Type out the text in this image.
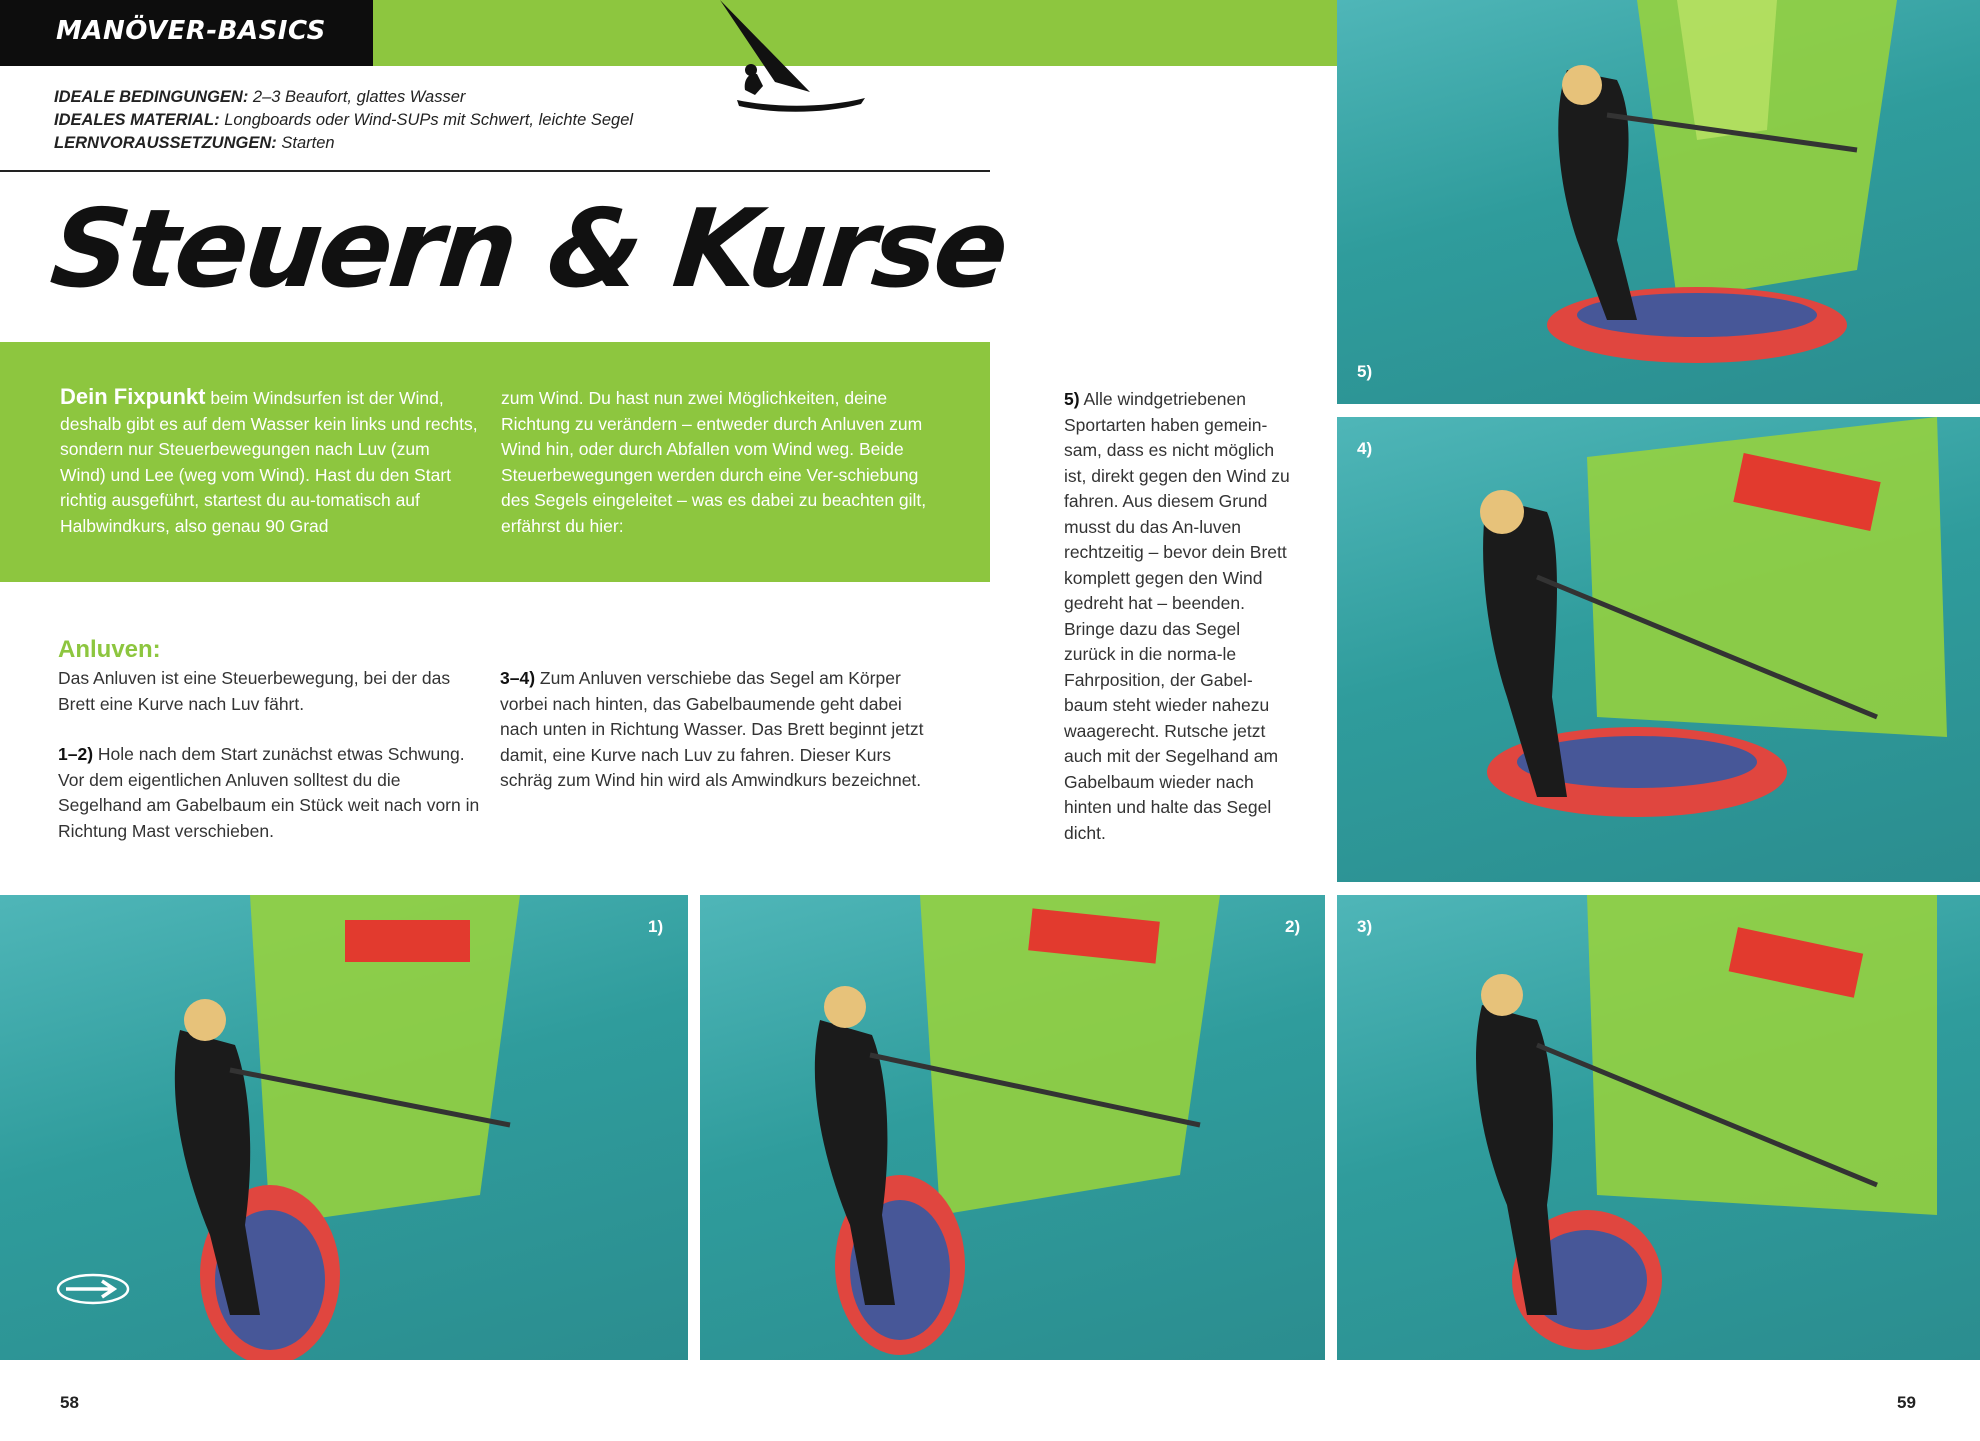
MANÖVER-BASICS
IDEALE BEDINGUNGEN: 2–3 Beaufort, glattes Wasser
IDEALES MATERIAL: Longboards oder Wind-SUPs mit Schwert, leichte Segel
LERNVORAUSSETZUNGEN: Starten
Steuern & Kurse
Dein Fixpunkt beim Windsurfen ist der Wind, deshalb gibt es auf dem Wasser kein links und rechts, sondern nur Steuerbewegungen nach Luv (zum Wind) und Lee (weg vom Wind). Hast du den Start richtig ausgeführt, startest du au-tomatisch auf Halbwindkurs, also genau 90 Grad
zum Wind. Du hast nun zwei Möglichkeiten, deine Richtung zu verändern – entweder durch Anluven zum Wind hin, oder durch Abfallen vom Wind weg. Beide Steuerbewegungen werden durch eine Ver-schiebung des Segels eingeleitet – was es dabei zu beachten gilt, erfährst du hier:
Anluven:
Das Anluven ist eine Steuerbewegung, bei der das Brett eine Kurve nach Luv fährt.
1–2) Hole nach dem Start zunächst etwas Schwung. Vor dem eigentlichen Anluven solltest du die Segelhand am Gabelbaum ein Stück weit nach vorn in Richtung Mast verschieben.
3–4) Zum Anluven verschiebe das Segel am Körper vorbei nach hinten, das Gabelbaumende geht dabei nach unten in Richtung Wasser. Das Brett beginnt jetzt damit, eine Kurve nach Luv zu fahren. Dieser Kurs schräg zum Wind hin wird als Amwindkurs bezeichnet.
5) Alle windgetriebenen Sportarten haben gemein-sam, dass es nicht möglich ist, direkt gegen den Wind zu fahren. Aus diesem Grund musst du das An-luven rechtzeitig – bevor dein Brett komplett gegen den Wind gedreht hat – beenden. Bringe dazu das Segel zurück in die norma-le Fahrposition, der Gabel-baum steht wieder nahezu waagerecht. Rutsche jetzt auch mit der Segelhand am Gabelbaum wieder nach hinten und halte das Segel dicht.
5)
4)
1)	2)	3)
58	59
